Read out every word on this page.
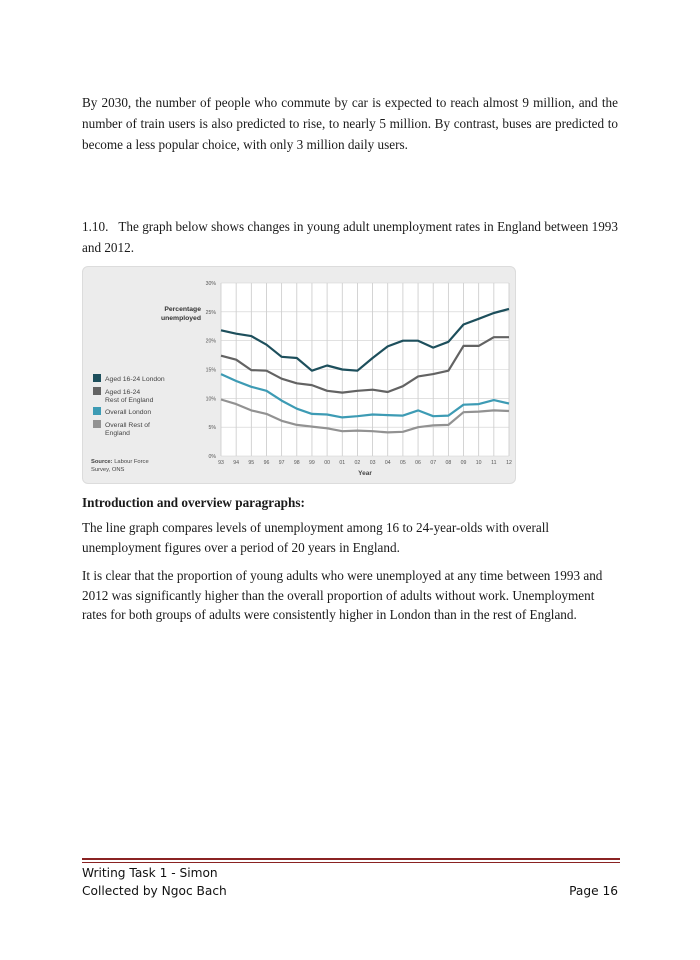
By 2030, the number of people who commute by car is expected to reach almost 9 million, and the number of train users is also predicted to rise, to nearly 5 million. By contrast, buses are predicted to become a less popular choice, with only 3 million daily users.

1.10.   The graph below shows changes in young adult unemployment rates in England between 1993 and 2012.

0%
5%
10%
15%
20%
25%
30%
93 94 95 96 97 98 99 00 01 02 03 04 05 06 07 08 09 10 11 12
Year
Percentage
unemployed
Aged 16-24 London
Aged 16-24
Rest of England
Overall London
Overall Rest of
England
Source: Labour Force
Survey, ONS

Introduction and overview paragraphs:

The line graph compares levels of unemployment among 16 to 24-year-olds with overall unemployment figures over a period of 20 years in England.

It is clear that the proportion of young adults who were unemployed at any time between 1993 and 2012 was significantly higher than the overall proportion of adults without work. Unemployment rates for both groups of adults were consistently higher in London than in the rest of England.

Writing Task 1 - Simon
Collected by Ngoc Bach	Page 16
